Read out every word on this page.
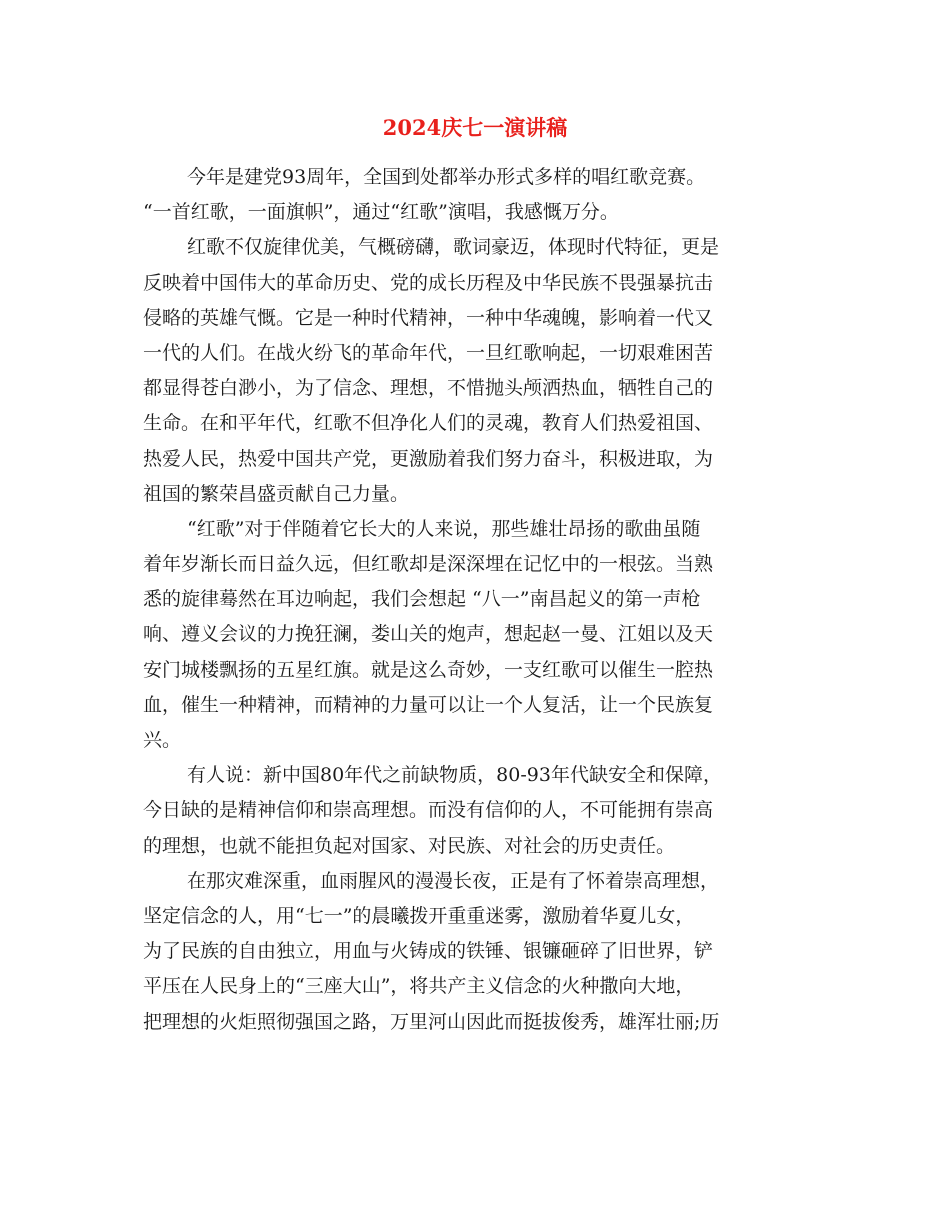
2024庆七一演讲稿
今年是建党93周年，全国到处都举办形式多样的唱红歌竞赛。
“一首红歌，一面旗帜”，通过“红歌”演唱，我感慨万分。
红歌不仅旋律优美，气概磅礴，歌词豪迈，体现时代特征，更是
反映着中国伟大的革命历史、党的成长历程及中华民族不畏强暴抗击
侵略的英雄气慨。它是一种时代精神，一种中华魂魄，影响着一代又
一代的人们。在战火纷飞的革命年代，一旦红歌响起，一切艰难困苦
都显得苍白渺小，为了信念、理想，不惜抛头颅洒热血，牺牲自己的
生命。在和平年代，红歌不但净化人们的灵魂，教育人们热爱祖国、
热爱人民，热爱中国共产党，更激励着我们努力奋斗，积极进取，为
祖国的繁荣昌盛贡献自己力量。
“红歌”对于伴随着它长大的人来说，那些雄壮昂扬的歌曲虽随
着年岁渐长而日益久远，但红歌却是深深埋在记忆中的一根弦。当熟
悉的旋律蓦然在耳边响起，我们会想起 “八一”南昌起义的第一声枪
响、遵义会议的力挽狂澜，娄山关的炮声，想起赵一曼、江姐以及天
安门城楼飘扬的五星红旗。就是这么奇妙，一支红歌可以催生一腔热
血，催生一种精神，而精神的力量可以让一个人复活，让一个民族复
兴。
有人说：新中国80年代之前缺物质，80-93年代缺安全和保障，
今日缺的是精神信仰和崇高理想。而没有信仰的人，不可能拥有崇高
的理想，也就不能担负起对国家、对民族、对社会的历史责任。
在那灾难深重，血雨腥风的漫漫长夜，正是有了怀着崇高理想，
坚定信念的人，用“七一”的晨曦拨开重重迷雾，激励着华夏儿女，
为了民族的自由独立，用血与火铸成的铁锤、银镰砸碎了旧世界，铲
平压在人民身上的“三座大山”，将共产主义信念的火种撒向大地，
把理想的火炬照彻强国之路，万里河山因此而挺拔俊秀，雄浑壮丽;历
